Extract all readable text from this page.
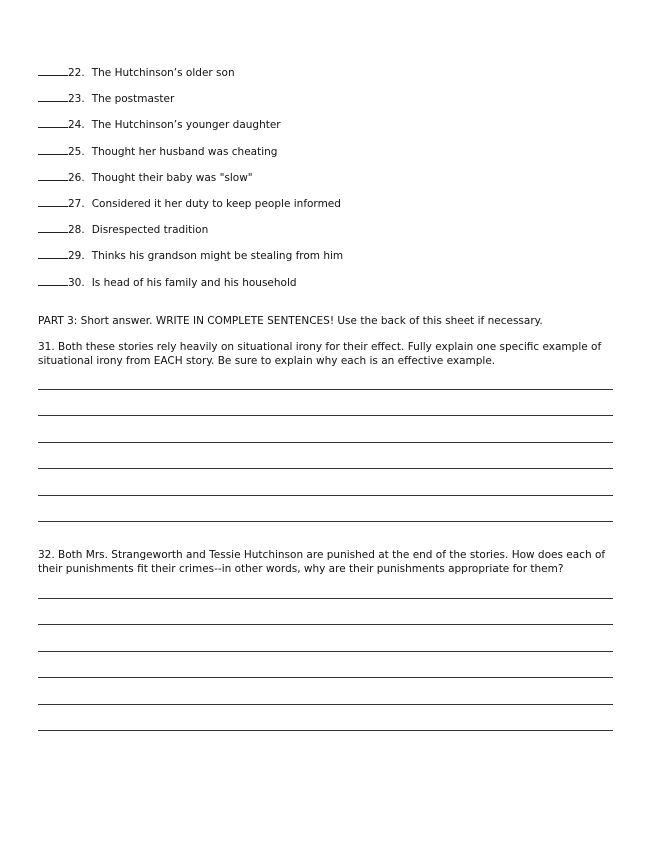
22. The Hutchinson’s older son
23. The postmaster
24. The Hutchinson’s younger daughter
25. Thought her husband was cheating
26. Thought their baby was "slow"
27. Considered it her duty to keep people informed
28. Disrespected tradition
29. Thinks his grandson might be stealing from him
30. Is head of his family and his household
PART 3: Short answer. WRITE IN COMPLETE SENTENCES! Use the back of this sheet if necessary.
31. Both these stories rely heavily on situational irony for their effect. Fully explain one specific example of situational irony from EACH story. Be sure to explain why each is an effective example.
32. Both Mrs. Strangeworth and Tessie Hutchinson are punished at the end of the stories. How does each of their punishments fit their crimes--in other words, why are their punishments appropriate for them?
